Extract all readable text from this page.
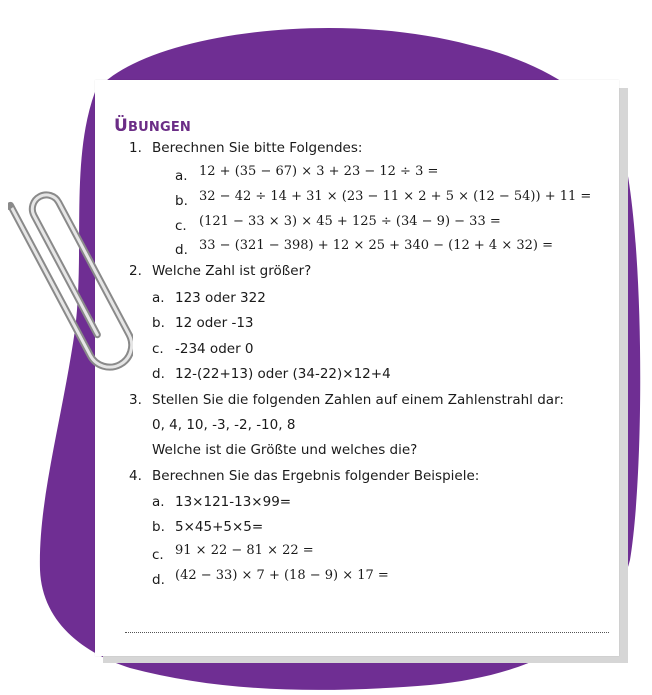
ÜBUNGEN
1. Berechnen Sie bitte Folgendes:
a. 12 + (35 − 67) × 3 + 23 − 12 ÷ 3 =
b. 32 − 42 ÷ 14 + 31 × (23 − 11 × 2 + 5 × (12 − 54)) + 11 =
c. (121 − 33 × 3) × 45 + 125 ÷ (34 − 9) − 33 =
d. 33 − (321 − 398) + 12 × 25 + 340 − (12 + 4 × 32) =
2. Welche Zahl ist größer?
a. 123 oder 322
b. 12 oder -13
c. -234 oder 0
d. 12-(22+13) oder (34-22)×12+4
3. Stellen Sie die folgenden Zahlen auf einem Zahlenstrahl dar:
0, 4, 10, -3, -2, -10, 8
Welche ist die Größte und welches die?
4. Berechnen Sie das Ergebnis folgender Beispiele:
a. 13×121-13×99=
b. 5×45+5×5=
c. 91 × 22 − 81 × 22 =
d. (42 − 33) × 7 + (18 − 9) × 17 =
